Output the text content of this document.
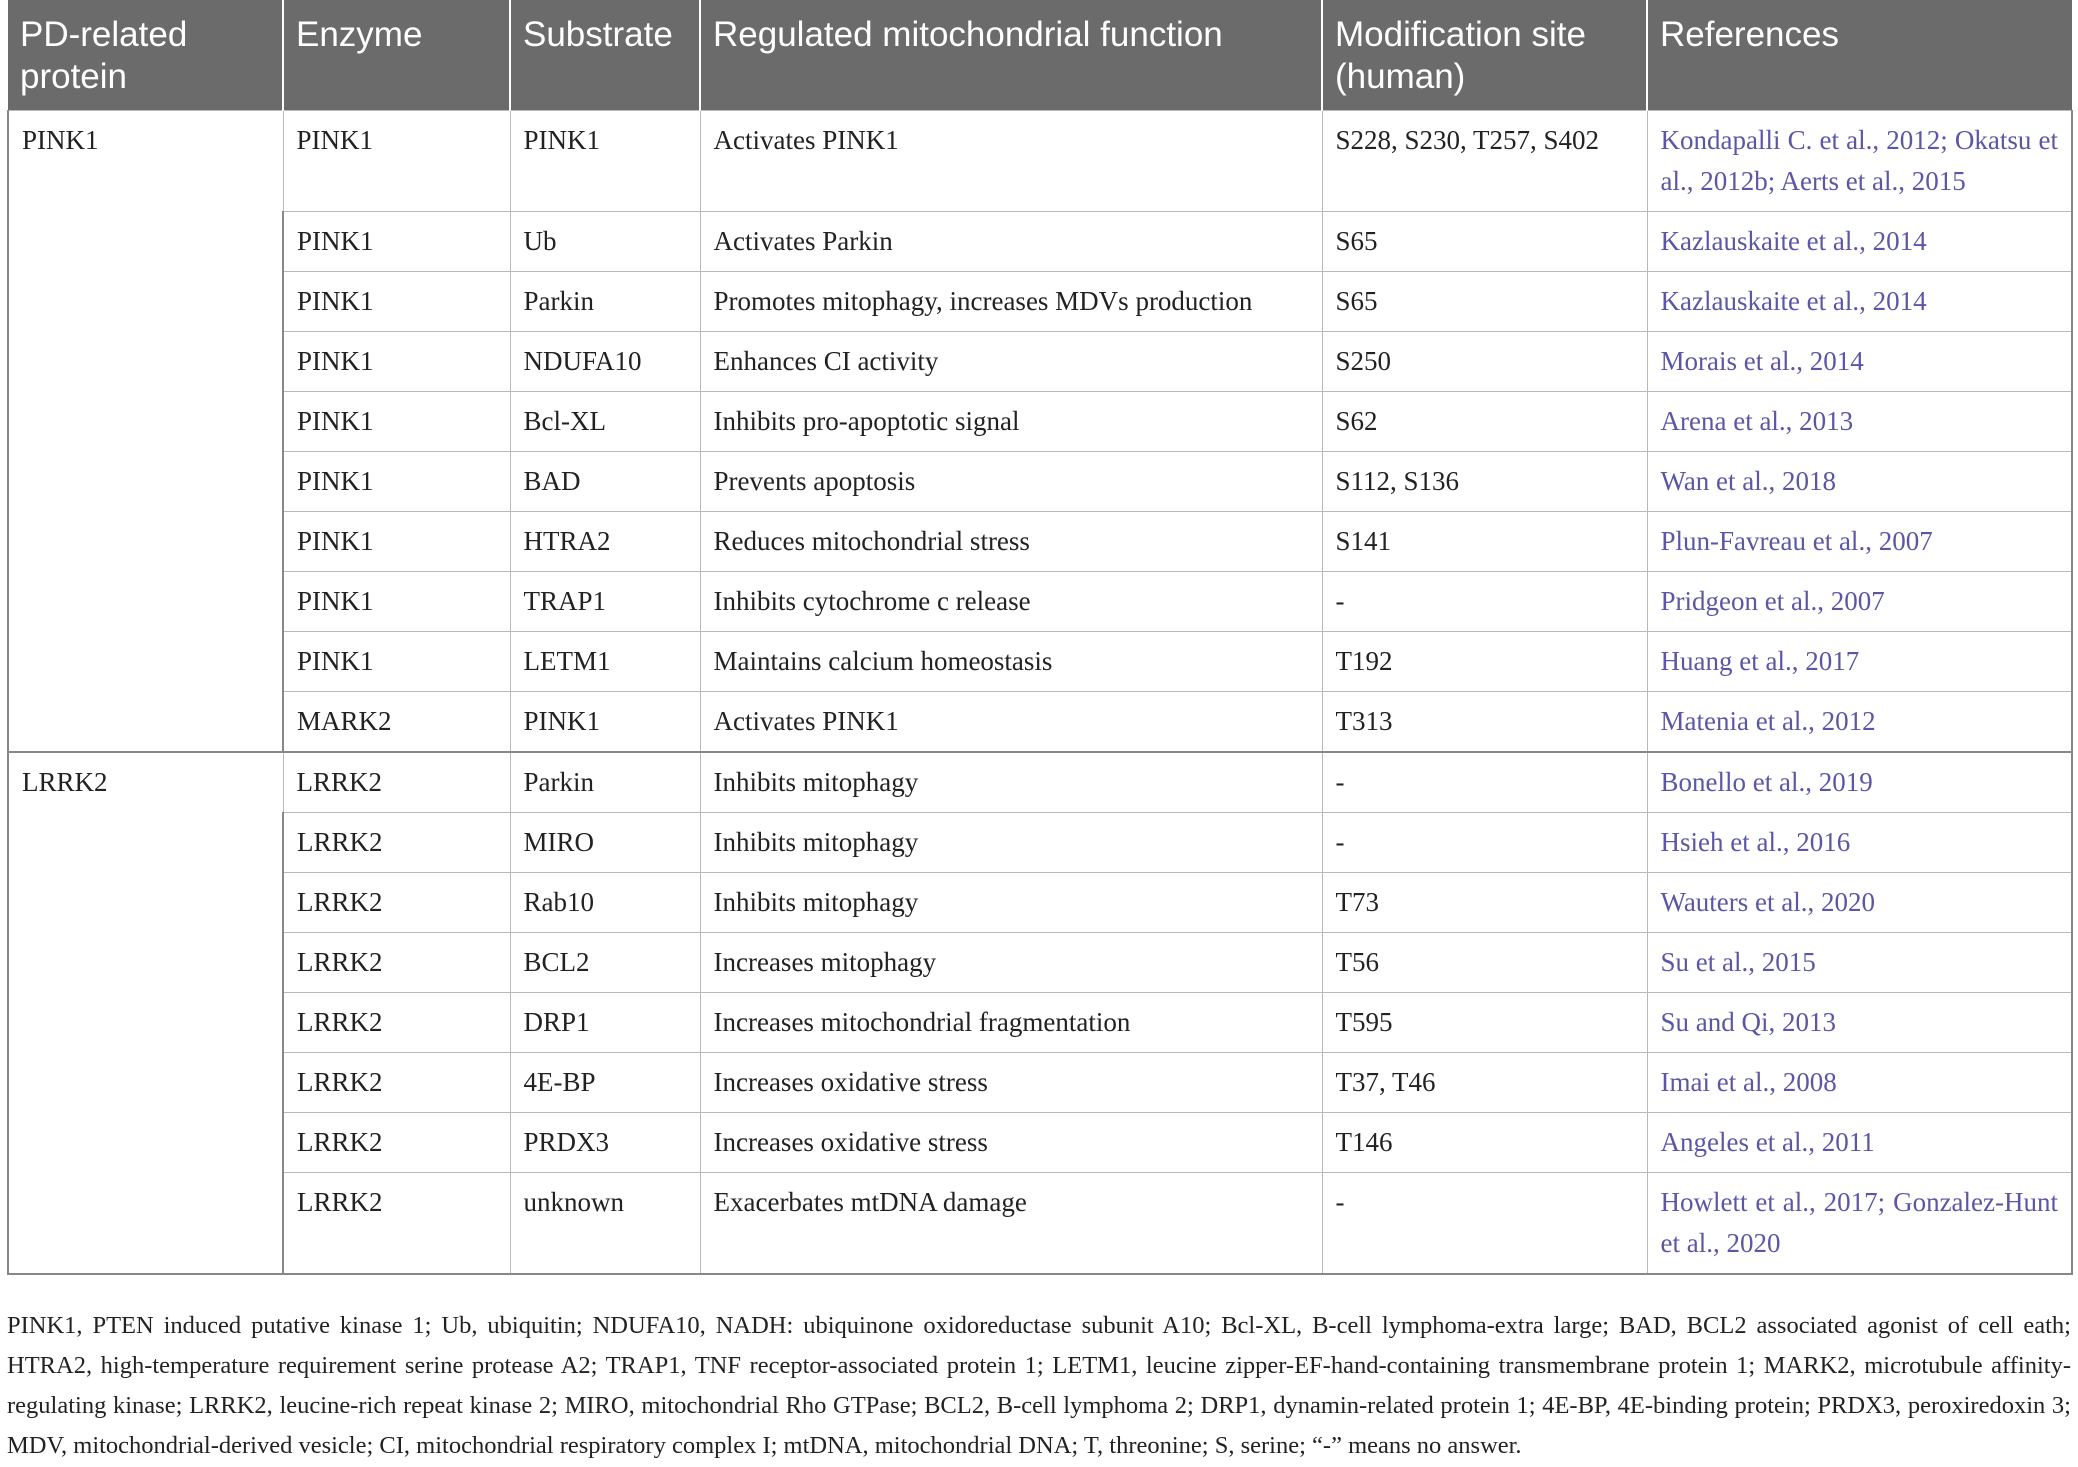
PD-related protein	Enzyme	Substrate	Regulated mitochondrial function	Modification site (human)	References
PINK1	PINK1	PINK1	Activates PINK1	S228, S230, T257, S402	Kondapalli C. et al., 2012; Okatsu et al., 2012b; Aerts et al., 2015
	PINK1	Ub	Activates Parkin	S65	Kazlauskaite et al., 2014
	PINK1	Parkin	Promotes mitophagy, increases MDVs production	S65	Kazlauskaite et al., 2014
	PINK1	NDUFA10	Enhances CI activity	S250	Morais et al., 2014
	PINK1	Bcl-XL	Inhibits pro-apoptotic signal	S62	Arena et al., 2013
	PINK1	BAD	Prevents apoptosis	S112, S136	Wan et al., 2018
	PINK1	HTRA2	Reduces mitochondrial stress	S141	Plun-Favreau et al., 2007
	PINK1	TRAP1	Inhibits cytochrome c release	-	Pridgeon et al., 2007
	PINK1	LETM1	Maintains calcium homeostasis	T192	Huang et al., 2017
	MARK2	PINK1	Activates PINK1	T313	Matenia et al., 2012
LRRK2	LRRK2	Parkin	Inhibits mitophagy	-	Bonello et al., 2019
	LRRK2	MIRO	Inhibits mitophagy	-	Hsieh et al., 2016
	LRRK2	Rab10	Inhibits mitophagy	T73	Wauters et al., 2020
	LRRK2	BCL2	Increases mitophagy	T56	Su et al., 2015
	LRRK2	DRP1	Increases mitochondrial fragmentation	T595	Su and Qi, 2013
	LRRK2	4E-BP	Increases oxidative stress	T37, T46	Imai et al., 2008
	LRRK2	PRDX3	Increases oxidative stress	T146	Angeles et al., 2011
	LRRK2	unknown	Exacerbates mtDNA damage	-	Howlett et al., 2017; Gonzalez-Hunt et al., 2020

PINK1, PTEN induced putative kinase 1; Ub, ubiquitin; NDUFA10, NADH: ubiquinone oxidoreductase subunit A10; Bcl-XL, B-cell lymphoma-extra large; BAD, BCL2 associated agonist of cell eath; HTRA2, high-temperature requirement serine protease A2; TRAP1, TNF receptor-associated protein 1; LETM1, leucine zipper-EF-hand-containing transmembrane protein 1; MARK2, microtubule affinity-regulating kinase; LRRK2, leucine-rich repeat kinase 2; MIRO, mitochondrial Rho GTPase; BCL2, B-cell lymphoma 2; DRP1, dynamin-related protein 1; 4E-BP, 4E-binding protein; PRDX3, peroxiredoxin 3; MDV, mitochondrial-derived vesicle; CI, mitochondrial respiratory complex I; mtDNA, mitochondrial DNA; T, threonine; S, serine; “-” means no answer.
